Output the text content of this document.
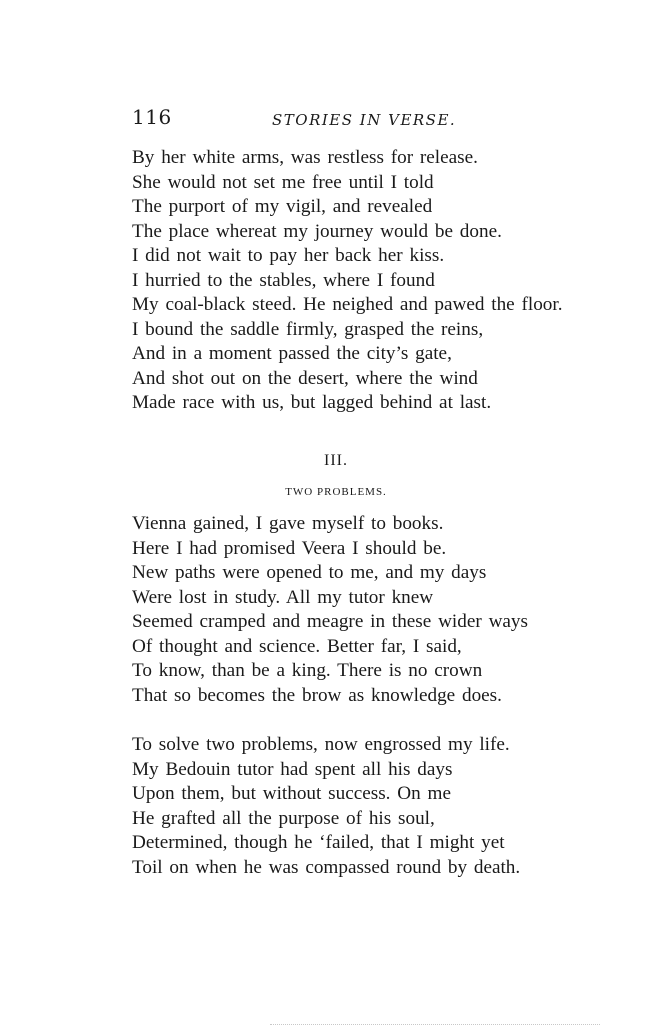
116	STORIES IN VERSE.
By her white arms, was restless for release.
She would not set me free until I told
The purport of my vigil, and revealed
The place whereat my journey would be done.
I did not wait to pay her back her kiss.
I hurried to the stables, where I found
My coal-black steed. He neighed and pawed the floor.
I bound the saddle firmly, grasped the reins,
And in a moment passed the city’s gate,
And shot out on the desert, where the wind
Made race with us, but lagged behind at last.
III.
TWO PROBLEMS.
Vienna gained, I gave myself to books.
Here I had promised Veera I should be.
New paths were opened to me, and my days
Were lost in study. All my tutor knew
Seemed cramped and meagre in these wider ways
Of thought and science. Better far, I said,
To know, than be a king. There is no crown
That so becomes the brow as knowledge does.
To solve two problems, now engrossed my life.
My Bedouin tutor had spent all his days
Upon them, but without success. On me
He grafted all the purpose of his soul,
Determined, though he ‘failed, that I might yet
Toil on when he was compassed round by death.
